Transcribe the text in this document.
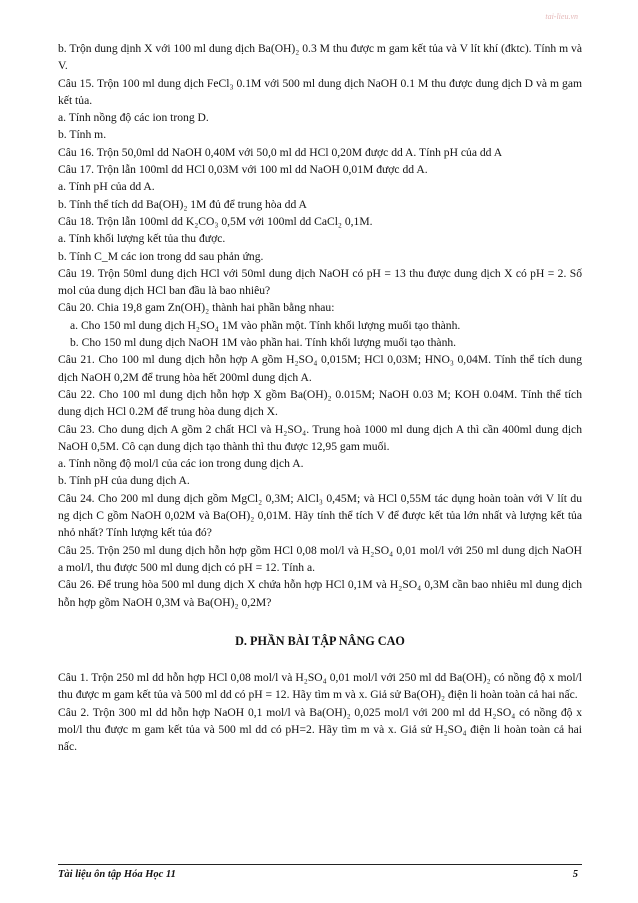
tai-lieu.vn

b. Trộn dung dịnh X với 100 ml dung dịch Ba(OH)₂ 0.3 M thu được m gam kết tủa và V lít khí (đktc). Tính m và V.

Câu 15. Trộn 100 ml dung dịch FeCl₃ 0.1M với 500 ml dung dịch NaOH 0.1 M thu được dung dịch D và m gam kết tủa.

a. Tính nồng độ các ion trong D.

b. Tính m.

Câu 16. Trộn 50,0ml dd NaOH 0,40M với 50,0 ml dd HCl 0,20M được dd A. Tính pH của dd A

Câu 17. Trộn lẫn 100ml dd HCl 0,03M với 100 ml dd NaOH 0,01M được dd A.

a. Tính pH của dd A.

b. Tính thể tích dd Ba(OH)₂ 1M đủ để trung hòa dd A

Câu 18. Trộn lẫn 100ml dd K₂CO₃ 0,5M với 100ml dd CaCl₂ 0,1M.

a. Tính khối lượng kết tủa thu được.

b. Tính C_M các ion trong dd sau phản ứng.

Câu 19. Trộn 50ml dung dịch HCl với 50ml dung dịch NaOH có pH = 13 thu được dung dịch X có pH = 2. Số mol của dung dịch HCl ban đầu là bao nhiêu?

Câu 20. Chia 19,8 gam Zn(OH)₂ thành hai phần bằng nhau:

a. Cho 150 ml dung dịch H₂SO₄ 1M vào phần một. Tính khối lượng muối tạo thành.

b. Cho 150 ml dung dịch NaOH 1M vào phần hai. Tính khối lượng muối tạo thành.

Câu 21. Cho 100 ml dung dịch hỗn hợp A gồm H₂SO₄ 0,015M; HCl 0,03M; HNO₃ 0,04M. Tính thể tích dung dịch NaOH 0,2M để trung hòa hết 200ml dung dịch A.

Câu 22. Cho 100 ml dung dịch hỗn hợp X gồm Ba(OH)₂ 0.015M; NaOH 0.03 M; KOH 0.04M. Tính thể tích dung dịch HCl 0.2M để trung hòa dung dịch X.

Câu 23. Cho dung dịch A gồm 2 chất HCl và H₂SO₄. Trung hoà 1000 ml dung dịch A thì cần 400ml dung dịch NaOH 0,5M. Cô cạn dung dịch tạo thành thì thu được 12,95 gam muối.

a. Tính nồng độ mol/l của các ion trong dung dịch A.

b. Tính pH của dung dịch A.

Câu 24. Cho 200 ml dung dịch gồm MgCl₂ 0,3M; AlCl₃ 0,45M; và HCl 0,55M tác dụng hoàn toàn với V lít du ng dịch C gồm NaOH 0,02M và Ba(OH)₂ 0,01M. Hãy tính thể tích V để được kết tủa lớn nhất và lượng kết tủa nhỏ nhất? Tính lượng kết tủa đó?

Câu 25. Trộn 250 ml dung dịch hỗn hợp gồm HCl 0,08 mol/l và H₂SO₄ 0,01 mol/l với 250 ml dung dịch NaOH a mol/l, thu được 500 ml dung dịch có pH = 12. Tính a.

Câu 26. Để trung hòa 500 ml dung dịch X chứa hỗn hợp HCl 0,1M và H₂SO₄ 0,3M cần bao nhiêu ml dung dịch hỗn hợp gồm NaOH 0,3M và Ba(OH)₂ 0,2M?

D. PHẦN BÀI TẬP NÂNG CAO

Câu 1. Trộn 250 ml dd hỗn hợp HCl 0,08 mol/l và H₂SO₄ 0,01 mol/l với 250 ml dd Ba(OH)₂ có nồng độ x mol/l thu được m gam kết tủa và 500 ml dd có pH = 12. Hãy tìm m và x. Giả sử Ba(OH)₂ điện li hoàn toàn cả hai nấc.

Câu 2. Trộn 300 ml dd hỗn hợp NaOH 0,1 mol/l và Ba(OH)₂ 0,025 mol/l với 200 ml dd H₂SO₄ có nồng độ x mol/l thu được m gam kết tủa và 500 ml dd có pH=2. Hãy tìm m và x. Giả sử H₂SO₄ điện li hoàn toàn cả hai nấc.

Tài liệu ôn tập Hóa Học 11	5
